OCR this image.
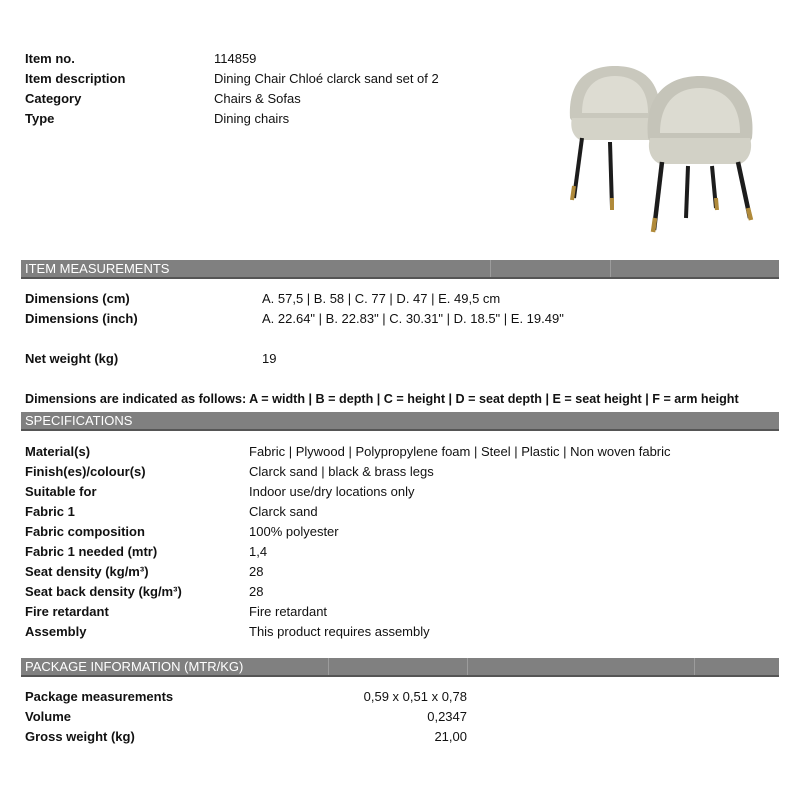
Item no.	114859
Item description	Dining Chair Chloé clarck sand set of 2
Category	Chairs & Sofas
Type	Dining chairs
ITEM MEASUREMENTS
Dimensions (cm)	A. 57,5 | B. 58 | C. 77 | D. 47 | E. 49,5 cm
Dimensions (inch)	A. 22.64" | B. 22.83" | C. 30.31" | D. 18.5" | E. 19.49"
Net weight (kg)	19
Dimensions are indicated as follows: A = width | B = depth | C = height | D = seat depth | E = seat height | F = arm height
SPECIFICATIONS
Material(s)	Fabric | Plywood | Polypropylene foam | Steel | Plastic | Non woven fabric
Finish(es)/colour(s)	Clarck sand | black & brass legs
Suitable for	Indoor use/dry locations only
Fabric 1	Clarck sand
Fabric composition	100% polyester
Fabric 1 needed (mtr)	1,4
Seat density (kg/m³)	28
Seat back density (kg/m³)	28
Fire retardant	Fire retardant
Assembly	This product requires assembly
PACKAGE INFORMATION (MTR/KG)
Package measurements	0,59 x 0,51 x 0,78
Volume	0,2347
Gross weight (kg)	21,00
